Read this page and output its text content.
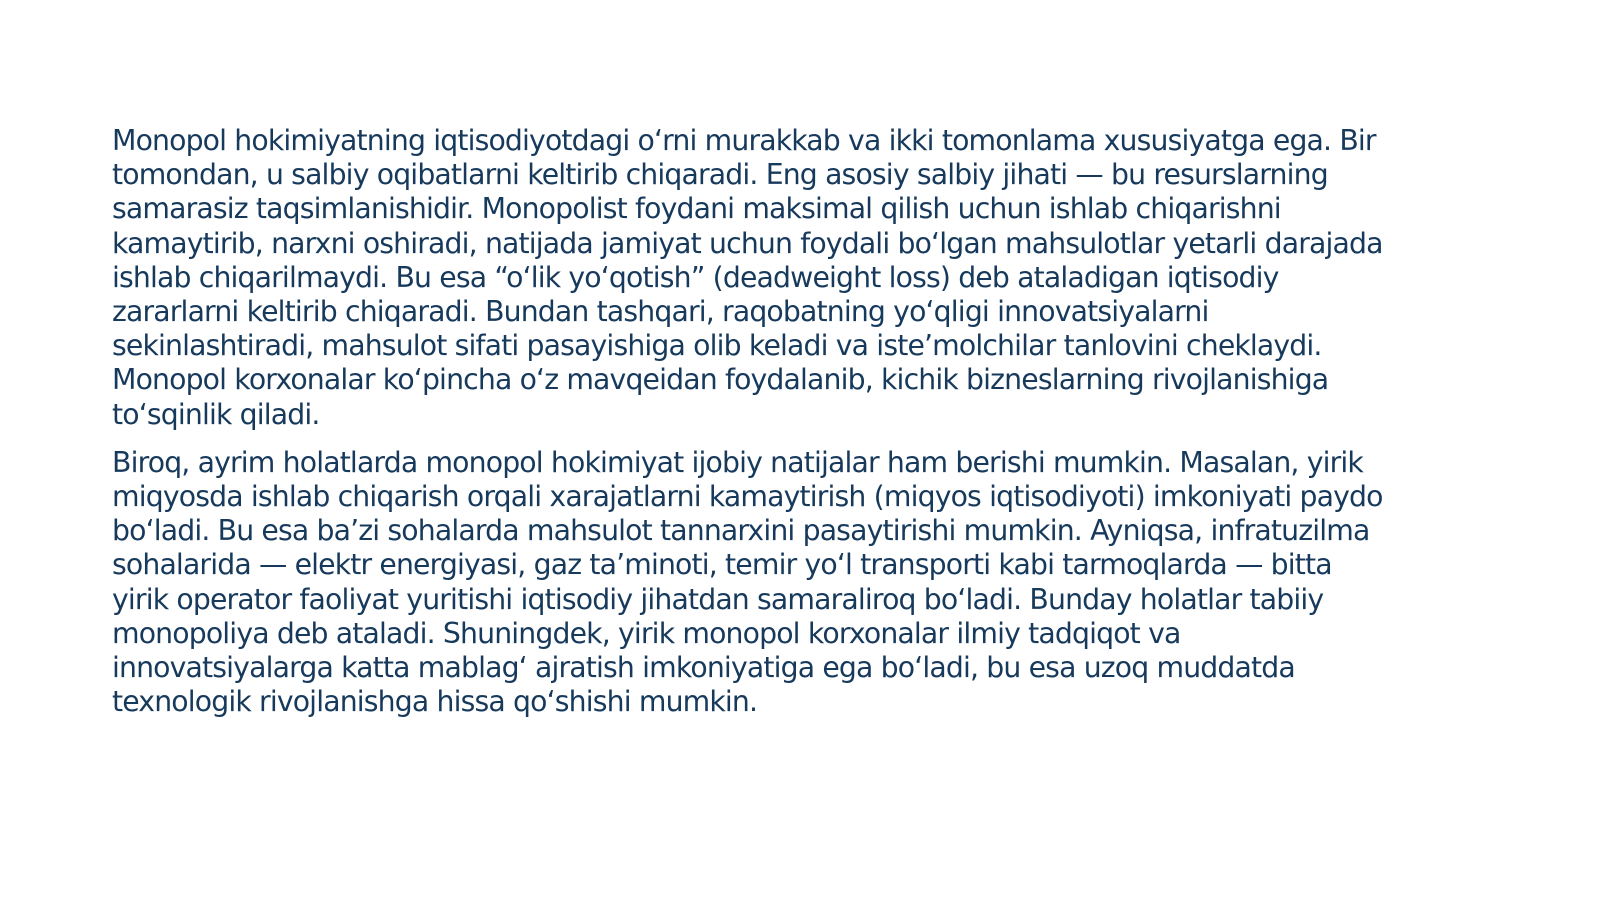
Monopol hokimiyatning iqtisodiyotdagi o‘rni murakkab va ikki tomonlama xususiyatga ega. Bir tomondan, u salbiy oqibatlarni keltirib chiqaradi. Eng asosiy salbiy jihati — bu resurslarning samarasiz taqsimlanishidir. Monopolist foydani maksimal qilish uchun ishlab chiqarishni kamaytirib, narxni oshiradi, natijada jamiyat uchun foydali bo‘lgan mahsulotlar yetarli darajada ishlab chiqarilmaydi. Bu esa “o‘lik yo‘qotish” (deadweight loss) deb ataladigan iqtisodiy zararlarni keltirib chiqaradi. Bundan tashqari, raqobatning yo‘qligi innovatsiyalarni sekinlashtiradi, mahsulot sifati pasayishiga olib keladi va iste’molchilar tanlovini cheklaydi. Monopol korxonalar ko‘pincha o‘z mavqeidan foydalanib, kichik bizneslarning rivojlanishiga to‘sqinlik qiladi.

Biroq, ayrim holatlarda monopol hokimiyat ijobiy natijalar ham berishi mumkin. Masalan, yirik miqyosda ishlab chiqarish orqali xarajatlarni kamaytirish (miqyos iqtisodiyoti) imkoniyati paydo bo‘ladi. Bu esa ba’zi sohalarda mahsulot tannarxini pasaytirishi mumkin. Ayniqsa, infratuzilma sohalarida — elektr energiyasi, gaz ta’minoti, temir yo‘l transporti kabi tarmoqlarda — bitta yirik operator faoliyat yuritishi iqtisodiy jihatdan samaraliroq bo‘ladi. Bunday holatlar tabiiy monopoliya deb ataladi. Shuningdek, yirik monopol korxonalar ilmiy tadqiqot va innovatsiyalarga katta mablag‘ ajratish imkoniyatiga ega bo‘ladi, bu esa uzoq muddatda texnologik rivojlanishga hissa qo‘shishi mumkin.
